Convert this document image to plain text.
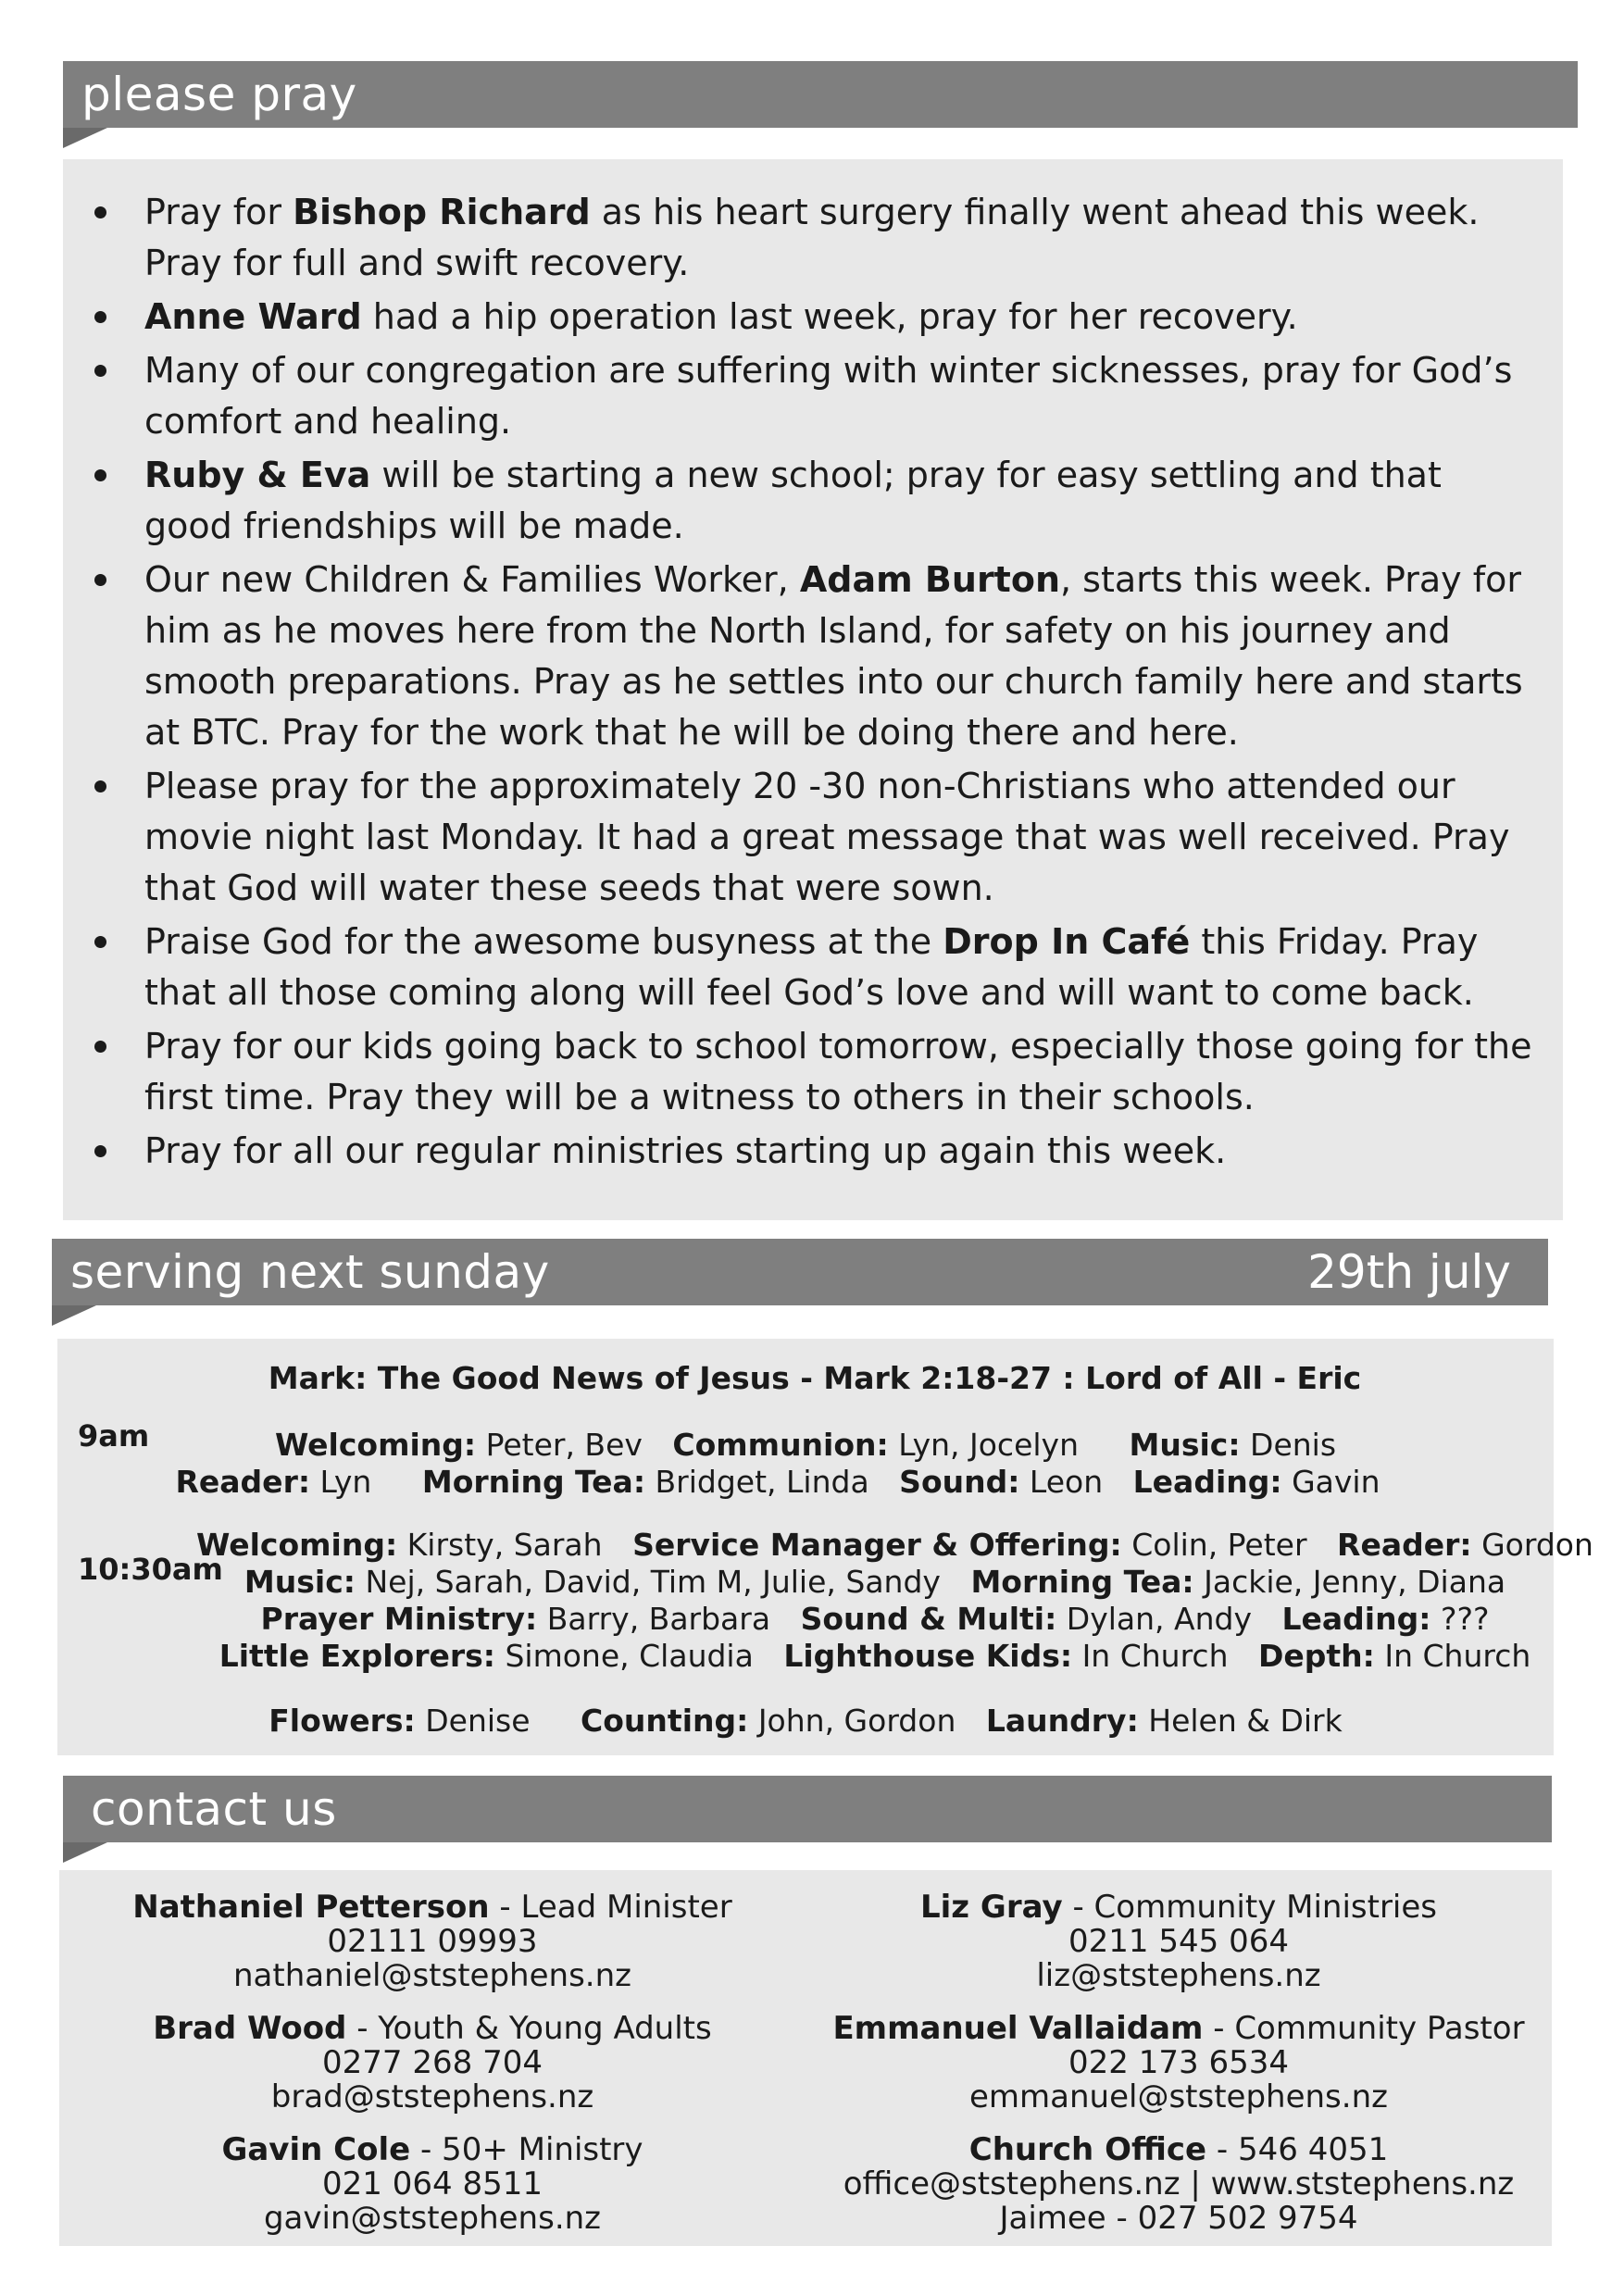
please pray
Pray for Bishop Richard as his heart surgery finally went ahead this week. Pray for full and swift recovery.
Anne Ward had a hip operation last week, pray for her recovery.
Many of our congregation are suffering with winter sicknesses, pray for God’s comfort and healing.
Ruby & Eva will be starting a new school; pray for easy settling and that good friendships will be made.
Our new Children & Families Worker, Adam Burton, starts this week. Pray for him as he moves here from the North Island, for safety on his journey and smooth preparations. Pray as he settles into our church family here and starts at BTC. Pray for the work that he will be doing there and here.
Please pray for the approximately 20 -30 non-Christians who attended our movie night last Monday. It had a great message that was well received. Pray that God will water these seeds that were sown.
Praise God for the awesome busyness at the Drop In Café this Friday. Pray that all those coming along will feel God’s love and will want to come back.
Pray for our kids going back to school tomorrow, especially those going for the first time. Pray they will be a witness to others in their schools.
Pray for all our regular ministries starting up again this week.
serving next sunday	29th july
Mark: The Good News of Jesus - Mark 2:18-27 : Lord of All - Eric
9am	Welcoming: Peter, Bev Communion: Lyn, Jocelyn Music: Denis
Reader: Lyn Morning Tea: Bridget, Linda Sound: Leon Leading: Gavin
10:30am
Welcoming: Kirsty, Sarah Service Manager & Offering: Colin, Peter Reader: Gordon
Music: Nej, Sarah, David, Tim M, Julie, Sandy Morning Tea: Jackie, Jenny, Diana
Prayer Ministry: Barry, Barbara Sound & Multi: Dylan, Andy Leading: ???
Little Explorers: Simone, Claudia Lighthouse Kids: In Church Depth: In Church
Flowers: Denise Counting: John, Gordon Laundry: Helen & Dirk
contact us
Nathaniel Petterson - Lead Minister
02111 09993
nathaniel@ststephens.nz
Brad Wood - Youth & Young Adults
0277 268 704
brad@ststephens.nz
Gavin Cole - 50+ Ministry
021 064 8511
gavin@ststephens.nz
Liz Gray - Community Ministries
0211 545 064
liz@ststephens.nz
Emmanuel Vallaidam - Community Pastor
022 173 6534
emmanuel@ststephens.nz
Church Office - 546 4051
office@ststephens.nz | www.ststephens.nz
Jaimee - 027 502 9754
